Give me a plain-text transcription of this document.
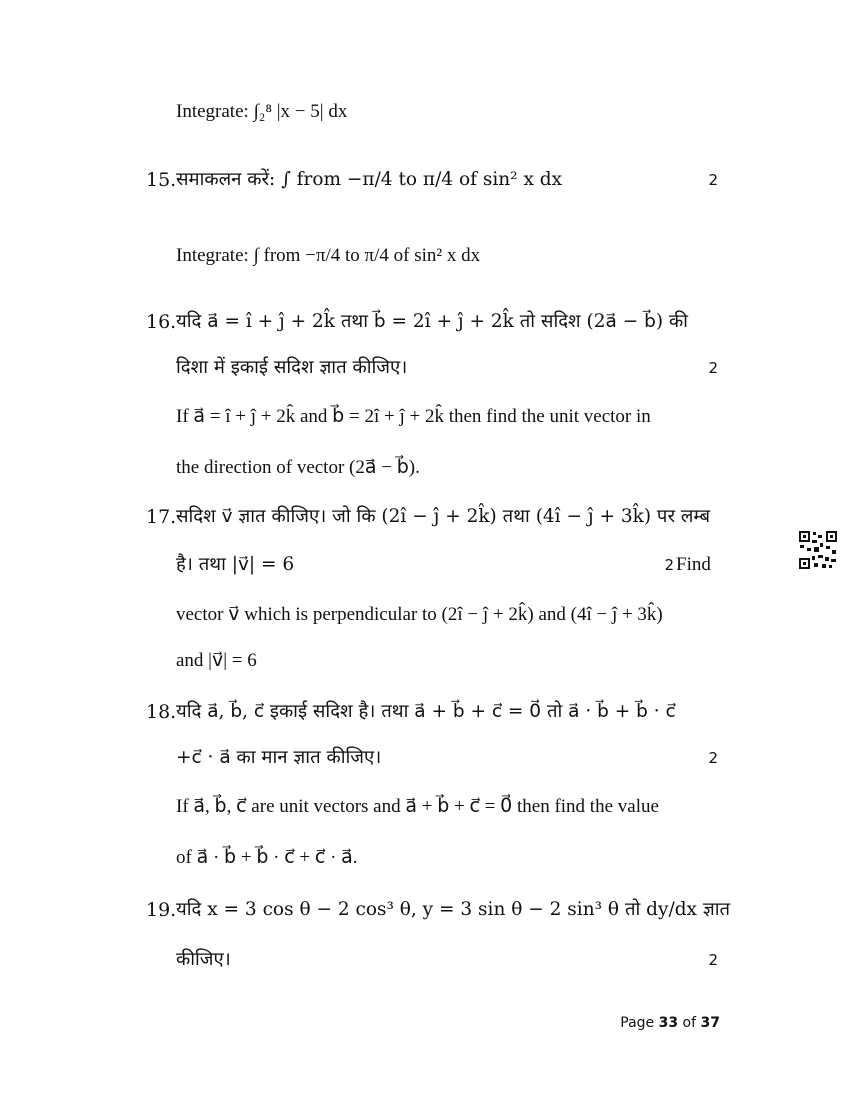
Integrate: ∫₂⁸ |x − 5| dx
15. समाकलन करें: ∫ from −π/4 to π/4 of sin² x dx	2
Integrate: ∫ from −π/4 to π/4 of sin² x dx
16. यदि a⃗ = î + ĵ + 2k̂ तथा b⃗ = 2î + ĵ + 2k̂ तो सदिश (2a⃗ − b⃗) की
दिशा में इकाई सदिश ज्ञात कीजिए।	2
If a⃗ = î + ĵ + 2k̂ and b⃗ = 2î + ĵ + 2k̂ then find the unit vector in
the direction of vector (2a⃗ − b⃗).
17. सदिश v⃗ ज्ञात कीजिए। जो कि (2î − ĵ + 2k̂) तथा (4î − ĵ + 3k̂) पर लम्ब
है। तथा |v⃗| = 6	2 Find
vector v⃗ which is perpendicular to (2î − ĵ + 2k̂) and (4î − ĵ + 3k̂)
and |v⃗| = 6
18. यदि a⃗, b⃗, c⃗ इकाई सदिश है। तथा a⃗ + b⃗ + c⃗ = 0⃗ तो a⃗ · b⃗ + b⃗ · c⃗
+c⃗ · a⃗ का मान ज्ञात कीजिए।	2
If a⃗, b⃗, c⃗ are unit vectors and a⃗ + b⃗ + c⃗ = 0⃗ then find the value
of a⃗ · b⃗ + b⃗ · c⃗ + c⃗ · a⃗.
19. यदि x = 3 cos θ − 2 cos³ θ, y = 3 sin θ − 2 sin³ θ तो dy/dx ज्ञात
कीजिए।	2
Page 33 of 37
